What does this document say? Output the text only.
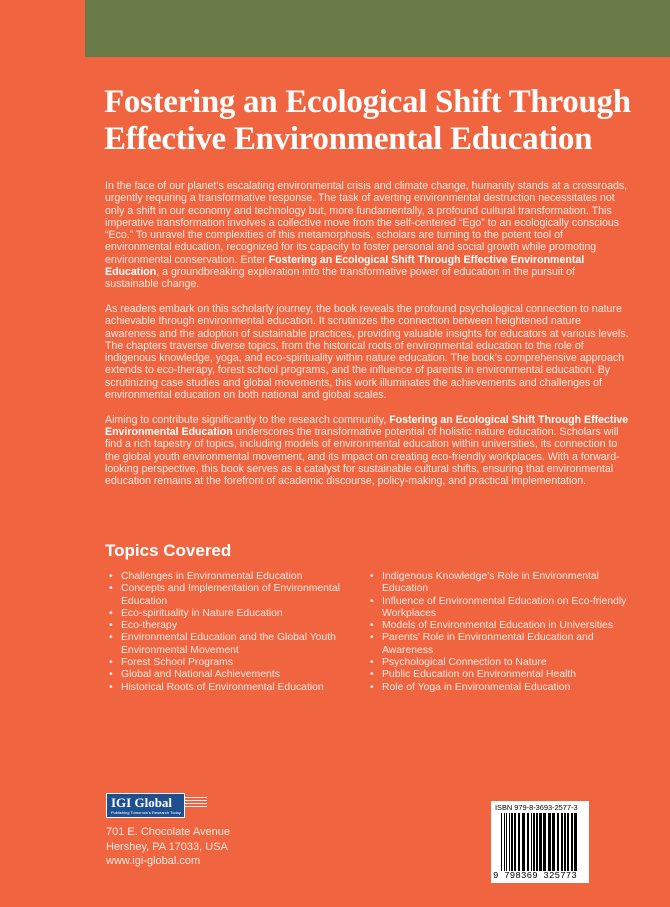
Fostering an Ecological Shift Through
Effective Environmental Education

In the face of our planet’s escalating environmental crisis and climate change, humanity stands at a crossroads, urgently requiring a transformative response. The task of averting environmental destruction necessitates not only a shift in our economy and technology but, more fundamentally, a profound cultural transformation. This imperative transformation involves a collective move from the self-centered “Ego” to an ecologically conscious “Eco.” To unravel the complexities of this metamorphosis, scholars are turning to the potent tool of environmental education, recognized for its capacity to foster personal and social growth while promoting environmental conservation. Enter Fostering an Ecological Shift Through Effective Environmental Education, a groundbreaking exploration into the transformative power of education in the pursuit of sustainable change.

As readers embark on this scholarly journey, the book reveals the profound psychological connection to nature achievable through environmental education. It scrutinizes the connection between heightened nature awareness and the adoption of sustainable practices, providing valuable insights for educators at various levels. The chapters traverse diverse topics, from the historical roots of environmental education to the role of indigenous knowledge, yoga, and eco-spirituality within nature education. The book’s comprehensive approach extends to eco-therapy, forest school programs, and the influence of parents in environmental education. By scrutinizing case studies and global movements, this work illuminates the achievements and challenges of environmental education on both national and global scales.

Aiming to contribute significantly to the research community, Fostering an Ecological Shift Through Effective Environmental Education underscores the transformative potential of holistic nature education. Scholars will find a rich tapestry of topics, including models of environmental education within universities, its connection to the global youth environmental movement, and its impact on creating eco-friendly workplaces. With a forward-looking perspective, this book serves as a catalyst for sustainable cultural shifts, ensuring that environmental education remains at the forefront of academic discourse, policy-making, and practical implementation.

Topics Covered
• Challenges in Environmental Education
• Concepts and Implementation of Environmental Education
• Eco-spirituality in Nature Education
• Eco-therapy
• Environmental Education and the Global Youth Environmental Movement
• Forest School Programs
• Global and National Achievements
• Historical Roots of Environmental Education
• Indigenous Knowledge’s Role in Environmental Education
• Influence of Environmental Education on Eco-friendly Workplaces
• Models of Environmental Education in Universities
• Parents’ Role in Environmental Education and Awareness
• Psychological Connection to Nature
• Public Education on Environmental Health
• Role of Yoga in Environmental Education
IGI Global
Publishing Tomorrow’s Research Today
701 E. Chocolate Avenue
Hershey, PA 17033, USA
www.igi-global.com
ISBN 979-8-3693-2577-3
9 798369 325773
